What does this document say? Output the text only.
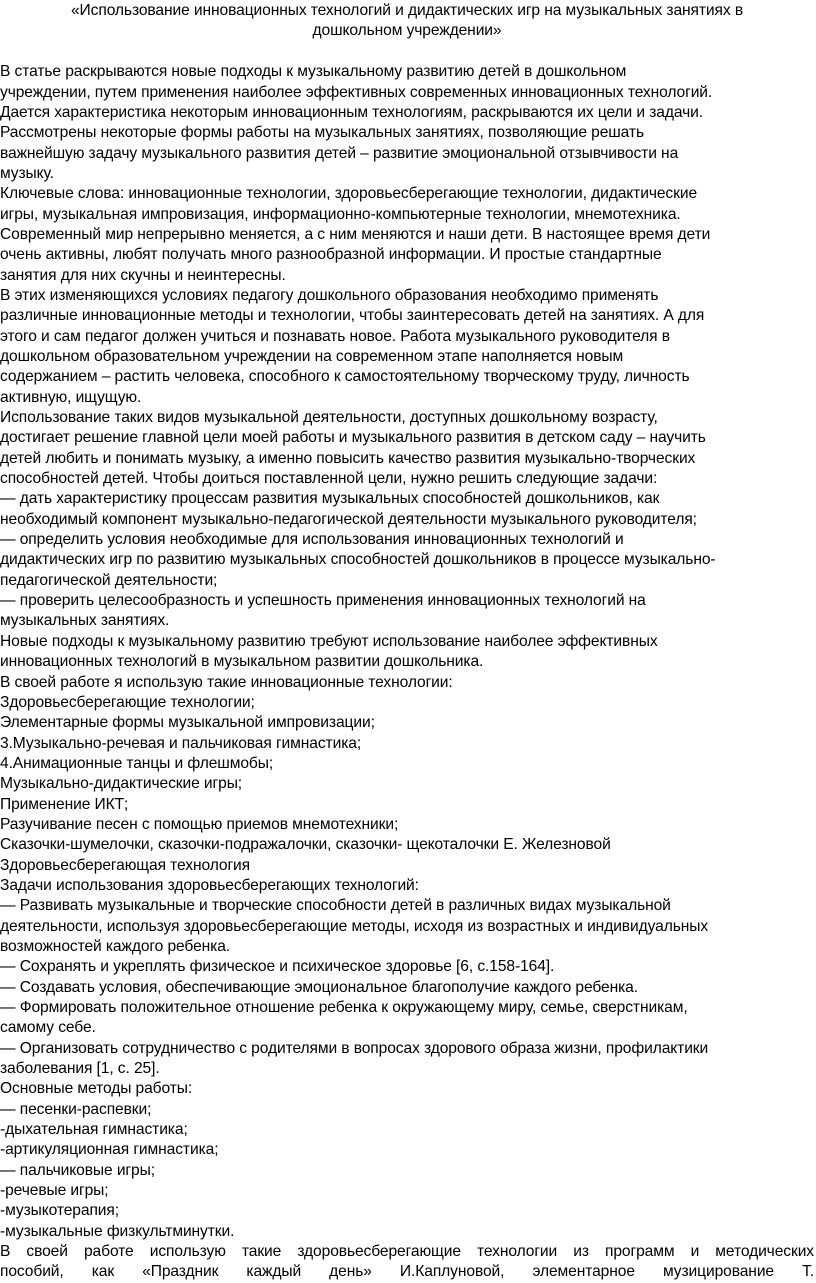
«Использование инновационных технологий и дидактических игр на музыкальных занятиях в
дошкольном учреждении»
В статье раскрываются новые подходы к музыкальному развитию детей в дошкольном
учреждении, путем применения наиболее эффективных современных инновационных технологий.
Дается характеристика некоторым инновационным технологиям, раскрываются их цели и задачи.
Рассмотрены некоторые формы работы на музыкальных занятиях, позволяющие решать
важнейшую задачу музыкального развития детей – развитие эмоциональной отзывчивости на
музыку.
Ключевые слова: инновационные технологии, здоровьесберегающие технологии, дидактические
игры, музыкальная импровизация, информационно-компьютерные технологии, мнемотехника.
Современный мир непрерывно меняется, а с ним меняются и наши дети. В настоящее время дети
очень активны, любят получать много разнообразной информации. И простые стандартные
занятия для них скучны и неинтересны.
В этих изменяющихся условиях педагогу дошкольного образования необходимо применять
различные инновационные методы и технологии, чтобы заинтересовать детей на занятиях. А для
этого и сам педагог должен учиться и познавать новое. Работа музыкального руководителя в
дошкольном образовательном учреждении на современном этапе наполняется новым
содержанием – растить человека, способного к самостоятельному творческому труду, личность
активную, ищущую.
Использование таких видов музыкальной деятельности, доступных дошкольному возрасту,
достигает решение главной цели моей работы и музыкального развития в детском саду – научить
детей любить и понимать музыку, а именно повысить качество развития музыкально-творческих
способностей детей. Чтобы доиться поставленной цели, нужно решить следующие задачи:
— дать характеристику процессам развития музыкальных способностей дошкольников, как
необходимый компонент музыкально-педагогической деятельности музыкального руководителя;
— определить условия необходимые для использования инновационных технологий и
дидактических игр по развитию музыкальных способностей дошкольников в процессе музыкально-
педагогической деятельности;
— проверить целесообразность и успешность применения инновационных технологий на
музыкальных занятиях.
Новые подходы к музыкальному развитию требуют использование наиболее эффективных
инновационных технологий в музыкальном развитии дошкольника.
В своей работе я использую такие инновационные технологии:
Здоровьесберегающие технологии;
Элементарные формы музыкальной импровизации;
3.Музыкально-речевая и пальчиковая гимнастика;
4.Анимационные танцы и флешмобы;
Музыкально-дидактические игры;
Применение ИКТ;
Разучивание песен с помощью приемов мнемотехники;
Сказочки-шумелочки, сказочки-подражалочки, сказочки- щекоталочки Е. Железновой
Здоровьесберегающая технология
Задачи использования здоровьесберегающих технологий:
— Развивать музыкальные и творческие способности детей в различных видах музыкальной
деятельности, используя здоровьесберегающие методы, исходя из возрастных и индивидуальных
возможностей каждого ребенка.
— Сохранять и укреплять физическое и психическое здоровье [6, с.158-164].
— Создавать условия, обеспечивающие эмоциональное благополучие каждого ребенка.
— Формировать положительное отношение ребенка к окружающему миру, семье, сверстникам,
самому себе.
— Организовать сотрудничество с родителями в вопросах здорового образа жизни, профилактики
заболевания [1, с. 25].
Основные методы работы:
— песенки-распевки;
-дыхательная гимнастика;
-артикуляционная гимнастика;
— пальчиковые игры;
-речевые игры;
-музыкотерапия;
-музыкальные физкультминутки.
В своей работе использую такие здоровьесберегающие технологии из программ и методических
пособий, как «Праздник каждый день» И.Каплуновой, элементарное музицирование Т.
